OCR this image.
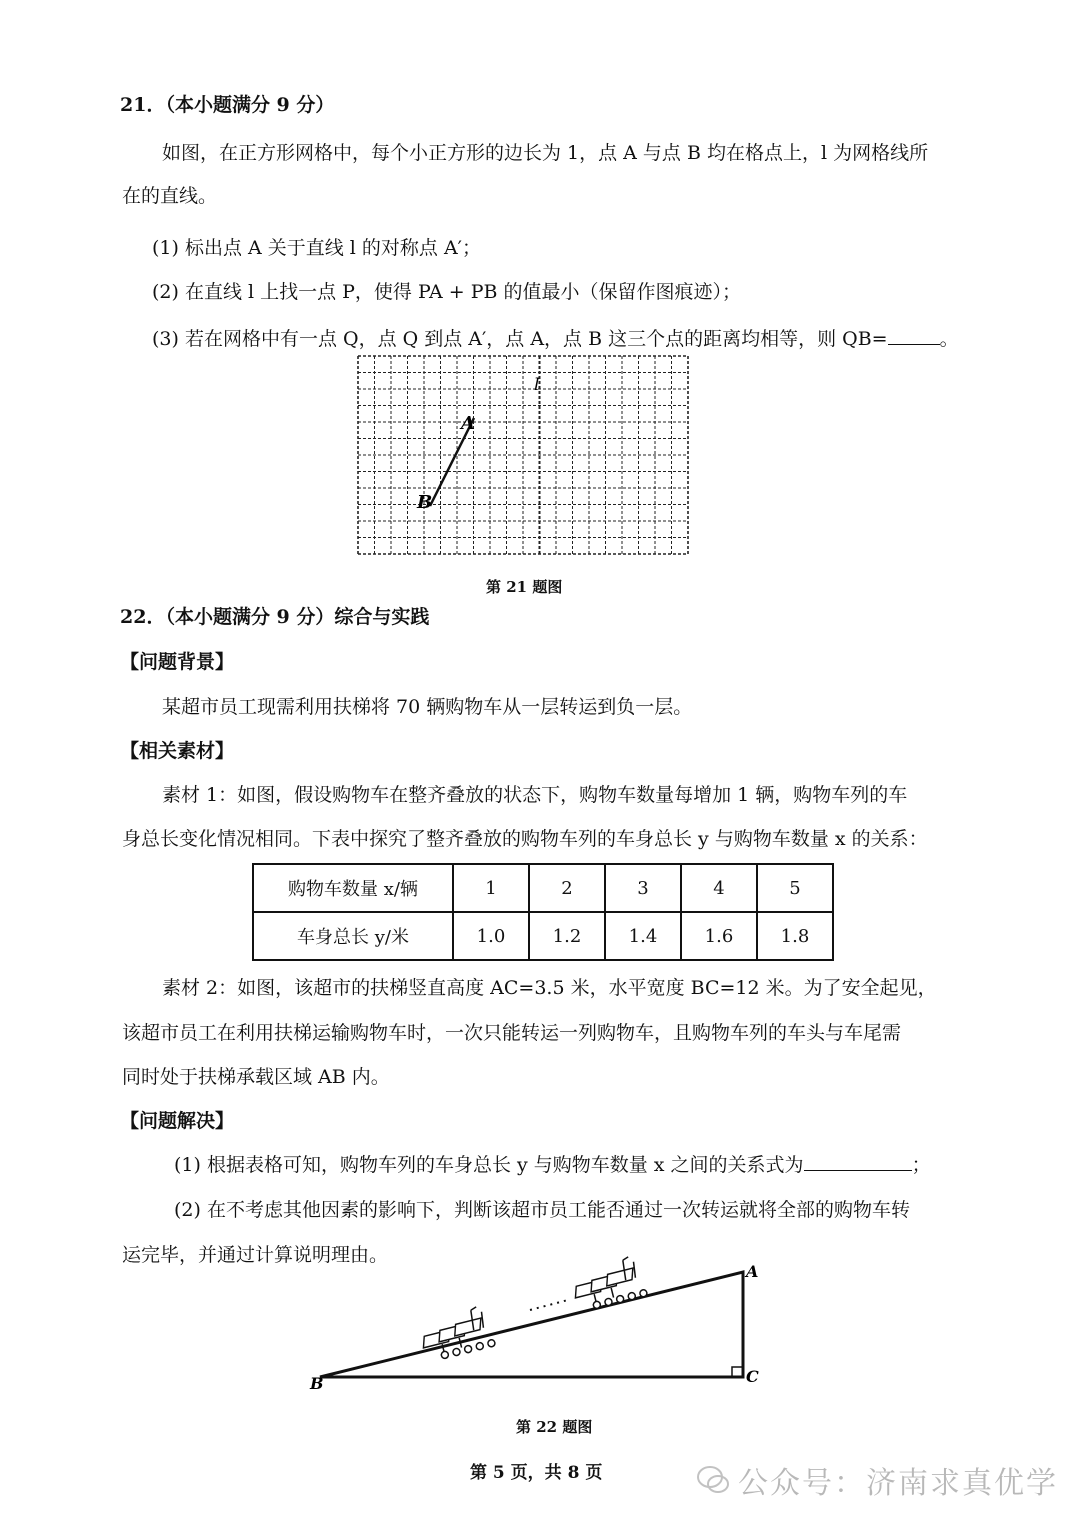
21．（本小题满分 9 分）
如图，在正方形网格中，每个小正方形的边长为 1，点 A 与点 B 均在格点上，l 为网格线所
在的直线。
(1) 标出点 A 关于直线 l 的对称点 A′；
(2) 在直线 l 上找一点 P，使得 PA + PB 的值最小（保留作图痕迹）；
(3) 若在网格中有一点 Q，点 Q 到点 A′，点 A，点 B 这三个点的距离均相等，则 QB=	。
A
B
l
第 21 题图
22．（本小题满分 9 分）综合与实践
【问题背景】
某超市员工现需利用扶梯将 70 辆购物车从一层转运到负一层。
【相关素材】
素材 1：如图，假设购物车在整齐叠放的状态下，购物车数量每增加 1 辆，购物车列的车
身总长变化情况相同。下表中探究了整齐叠放的购物车列的车身总长 y 与购物车数量 x 的关系：
购物车数量 x/辆	1	2	3	4	5
车身总长 y/米	1.0	1.2	1.4	1.6	1.8
素材 2：如图，该超市的扶梯竖直高度 AC=3.5 米，水平宽度 BC=12 米。为了安全起见，
该超市员工在利用扶梯运输购物车时，一次只能转运一列购物车，且购物车列的车头与车尾需
同时处于扶梯承载区域 AB 内。
【问题解决】
(1) 根据表格可知，购物车列的车身总长 y 与购物车数量 x 之间的关系式为	；
(2) 在不考虑其他因素的影响下，判断该超市员工能否通过一次转运就将全部的购物车转
运完毕，并通过计算说明理由。
A
B	C
第 22 题图
第 5 页，共 8 页	公众号：济南求真优学
